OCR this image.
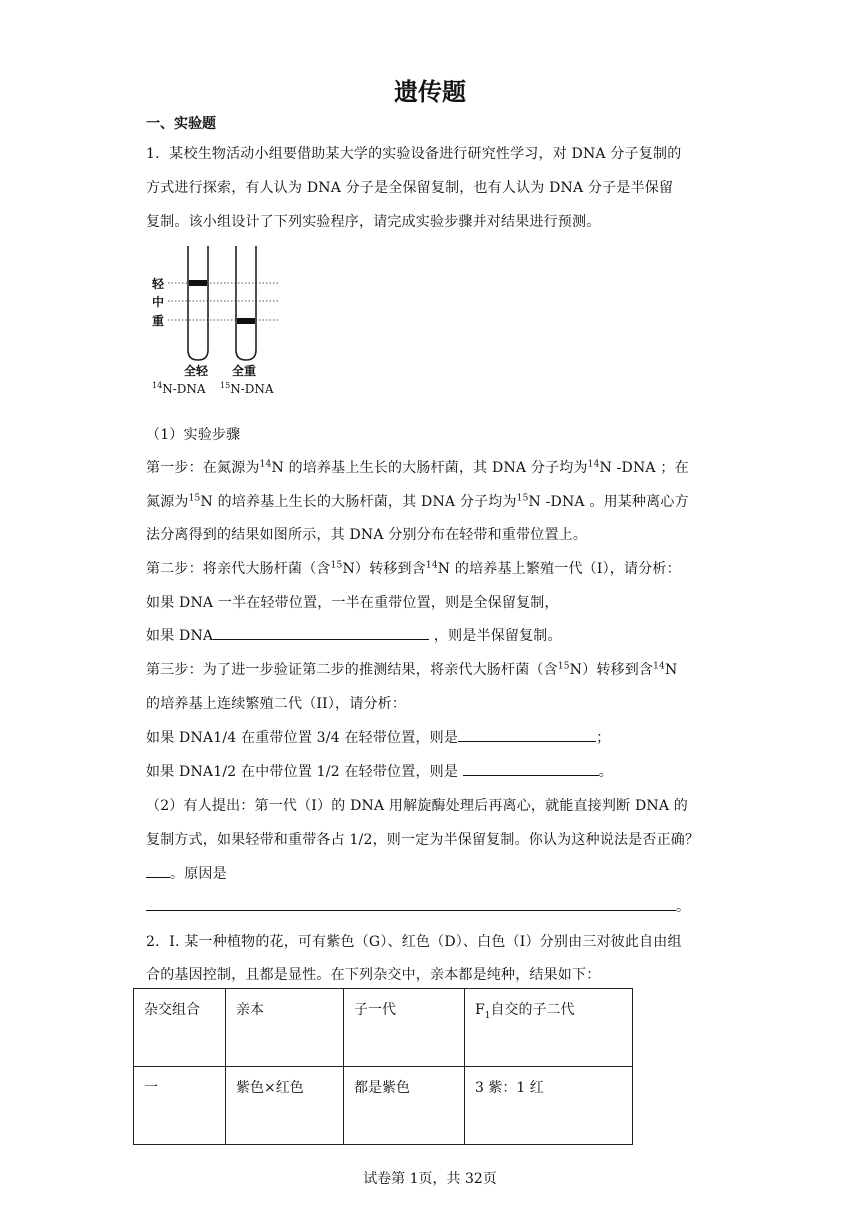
遗传题
一、实验题
1．某校生物活动小组要借助某大学的实验设备进行研究性学习，对 DNA 分子复制的
方式进行探索，有人认为 DNA 分子是全保留复制，也有人认为 DNA 分子是半保留
复制。该小组设计了下列实验程序，请完成实验步骤并对结果进行预测。
轻
中
重
全轻 全重
$^{14}$N-DNA $^{15}$N-DNA
（1）实验步骤
第一步：在氮源为$^{14}$N 的培养基上生长的大肠杆菌，其 DNA 分子均为$^{14}$N -DNA ；在
氮源为$^{15}$N 的培养基上生长的大肠杆菌，其 DNA 分子均为$^{15}$N -DNA 。用某种离心方
法分离得到的结果如图所示，其 DNA 分别分布在轻带和重带位置上。
第二步：将亲代大肠杆菌（含$^{15}$N）转移到含$^{14}$N 的培养基上繁殖一代（I），请分析：
如果 DNA 一半在轻带位置，一半在重带位置，则是全保留复制，
如果 DNA	，则是半保留复制。
第三步：为了进一步验证第二步的推测结果，将亲代大肠杆菌（含$^{15}$N）转移到含$^{14}$N
的培养基上连续繁殖二代（II），请分析：
如果 DNA1/4 在重带位置 3/4 在轻带位置，则是	；
如果 DNA1/2 在中带位置 1/2 在轻带位置，则是	。
（2）有人提出：第一代（I）的 DNA 用解旋酶处理后再离心，就能直接判断 DNA 的
复制方式，如果轻带和重带各占 1/2，则一定为半保留复制。你认为这种说法是否正确？
。原因是
。
2．I. 某一种植物的花，可有紫色（G）、红色（D）、白色（I）分别由三对彼此自由组
合的基因控制，且都是显性。在下列杂交中，亲本都是纯种，结果如下：
杂交组合	亲本	子一代	$F_1$自交的子二代
一	紫色×红色	都是紫色	3 紫：1 红
试卷第 1页，共 32页
